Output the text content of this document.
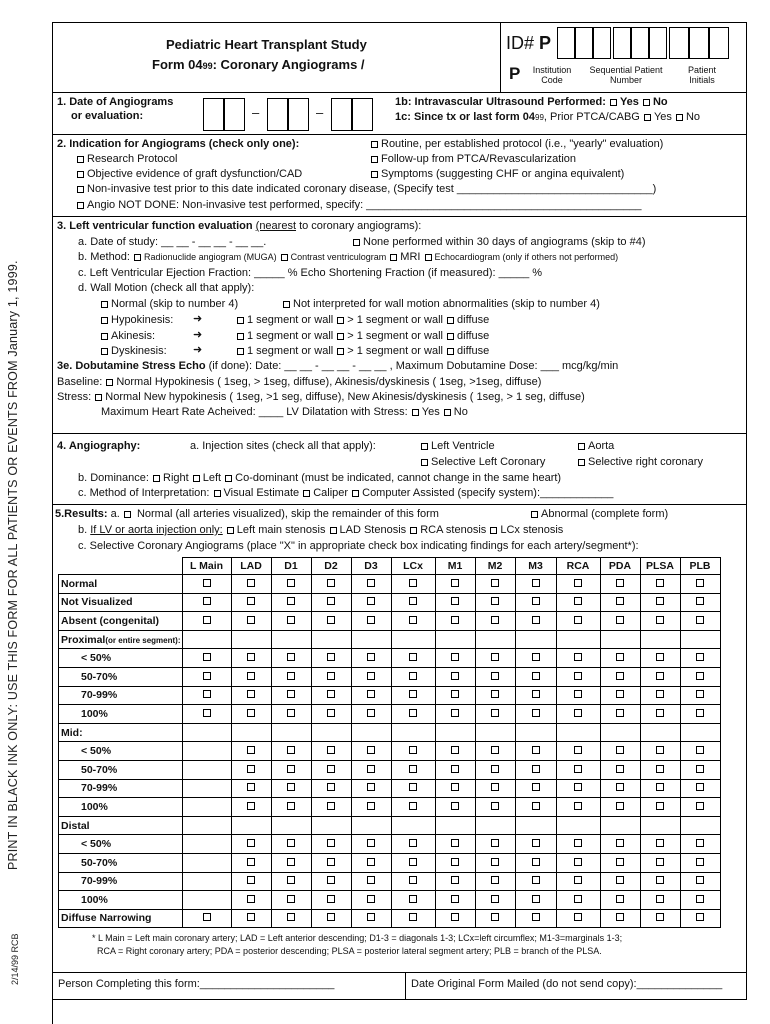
PRINT IN BLACK INK ONLY: USE THIS FORM FOR ALL PATIENTS OR EVENTS FROM January 1, 1999.
2/14/99 RCB
Pediatric Heart Transplant Study
Form 0499: Coronary Angiograms /
ID# P
P	Institution Code
Sequential Patient Number
Patient Initials
1. Date of Angiograms
or evaluation:	–	–
1b: Intravascular Ultrasound Performed: Yes No
1c: Since tx or last form 0499, Prior PTCA/CABG Yes No
2. Indication for Angiograms (check only one):	Routine, per established protocol (i.e., "yearly" evaluation)
Research Protocol	Follow-up from PTCA/Revascularization
Objective evidence of graft dysfunction/CAD	Symptoms (suggesting CHF or angina equivalent)
Non-invasive test prior to this date indicated coronary disease, (Specify test ________________________________)
Angio NOT DONE: Non-invasive test performed, specify: _____________________________________________
3. Left ventricular function evaluation (nearest to coronary angiograms):
a. Date of study: __ __ - __ __ - __ __.	None performed within 30 days of angiograms (skip to #4)
b. Method: Radionuclide angiogram (MUGA) Contrast ventriculogram MRI Echocardiogram (only if others not performed)
c. Left Ventricular Ejection Fraction: _____ % Echo Shortening Fraction (if measured): _____ %
d. Wall Motion (check all that apply):
Normal (skip to number 4)	Not interpreted for wall motion abnormalities (skip to number 4)
Hypokinesis: ➜	1 segment or wall > 1 segment or wall diffuse
Akinesis:	➜	1 segment or wall > 1 segment or wall diffuse
Dyskinesis: ➜	1 segment or wall > 1 segment or wall diffuse
3e. Dobutamine Stress Echo (if done): Date: __ __ - __ __ - __ __ , Maximum Dobutamine Dose: ___ mcg/kg/min
Baseline: Normal Hypokinesis ( 1seg, > 1seg, diffuse), Akinesis/dyskinesis ( 1seg, >1seg, diffuse)
Stress: Normal New hypokinesis ( 1seg, >1 seg, diffuse), New Akinesis/dyskinesis ( 1seg, > 1 seg, diffuse)
Maximum Heart Rate Acheived: ____ LV Dilatation with Stress: Yes No
4. Angiography:	a. Injection sites (check all that apply):	Left Ventricle	Aorta
Selective Left Coronary	Selective right coronary
b. Dominance: Right Left Co-dominant (must be indicated, cannot change in the same heart)
c. Method of Interpretation: Visual Estimate Caliper Computer Assisted (specify system):____________
5.Results: a. Normal (all arteries visualized), skip the remainder of this form	Abnormal (complete form)
b. If LV or aorta injection only: Left main stenosis LAD Stenosis RCA stenosis LCx stenosis
c. Selective Coronary Angiograms (place "X" in appropriate check box indicating findings for each artery/segment*):
	L Main	LAD	D1	D2	D3	LCx	M1	M2	M3	RCA	PDA	PLSA	PLB
Normal													
Not Visualized													
Absent (congenital)													
Proximal(or entire segment):													
< 50%													
50-70%													
70-99%													
100%													
Mid:													
< 50%													
50-70%													
70-99%													
100%													
Distal													
< 50%													
50-70%													
70-99%													
100%													
Diffuse Narrowing													
* L Main = Left main coronary artery; LAD = Left anterior descending; D1-3 = diagonals 1-3; LCx=left circumflex; M1-3=marginals 1-3;
RCA = Right coronary artery; PDA = posterior descending; PLSA = posterior lateral segment artery; PLB = branch of the PLSA.
Person Completing this form:______________________	Date Original Form Mailed (do not send copy):______________
